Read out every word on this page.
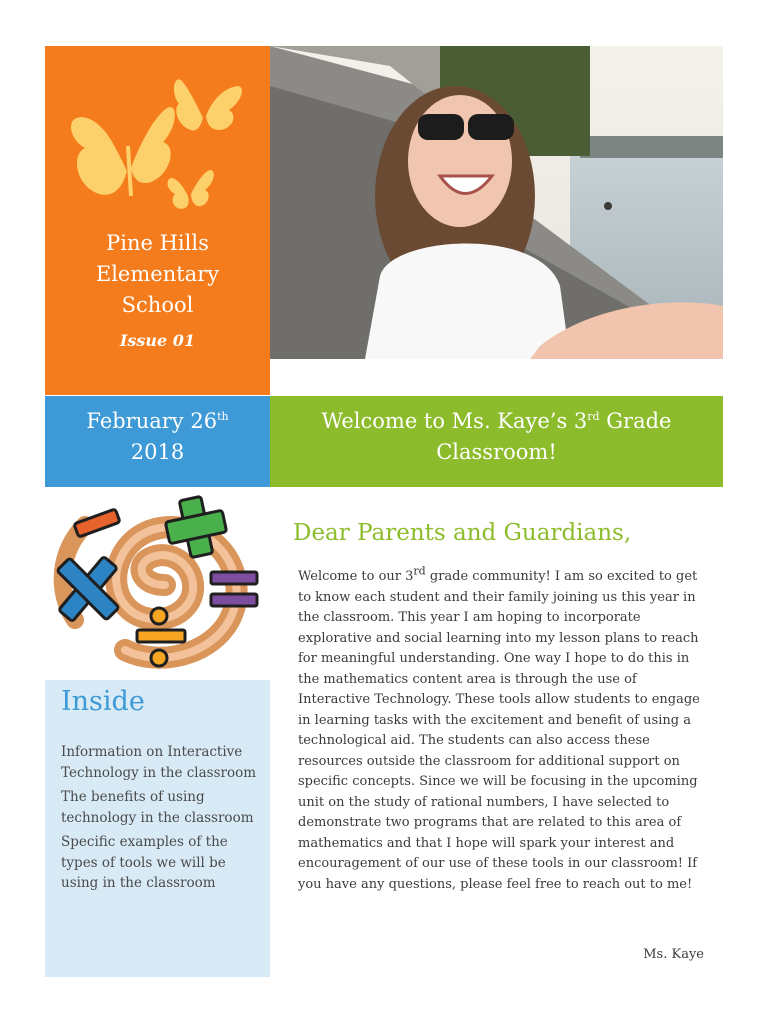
Pine Hills
Elementary
School
Issue 01
February 26th
2018
Welcome to Ms. Kaye’s 3rd Grade
Classroom!
Inside
Information on Interactive Technology in the classroom
The benefits of using technology in the classroom
Specific examples of the types of tools we will be using in the classroom
Dear Parents and Guardians,
Welcome to our 3rd grade community! I am so excited to get to know each student and their family joining us this year in the classroom. This year I am hoping to incorporate explorative and social learning into my lesson plans to reach for meaningful understanding. One way I hope to do this in the mathematics content area is through the use of Interactive Technology. These tools allow students to engage in learning tasks with the excitement and benefit of using a technological aid. The students can also access these resources outside the classroom for additional support on specific concepts. Since we will be focusing in the upcoming unit on the study of rational numbers, I have selected to demonstrate two programs that are related to this area of mathematics and that I hope will spark your interest and encouragement of our use of these tools in our classroom! If you have any questions, please feel free to reach out to me!
Ms. Kaye
